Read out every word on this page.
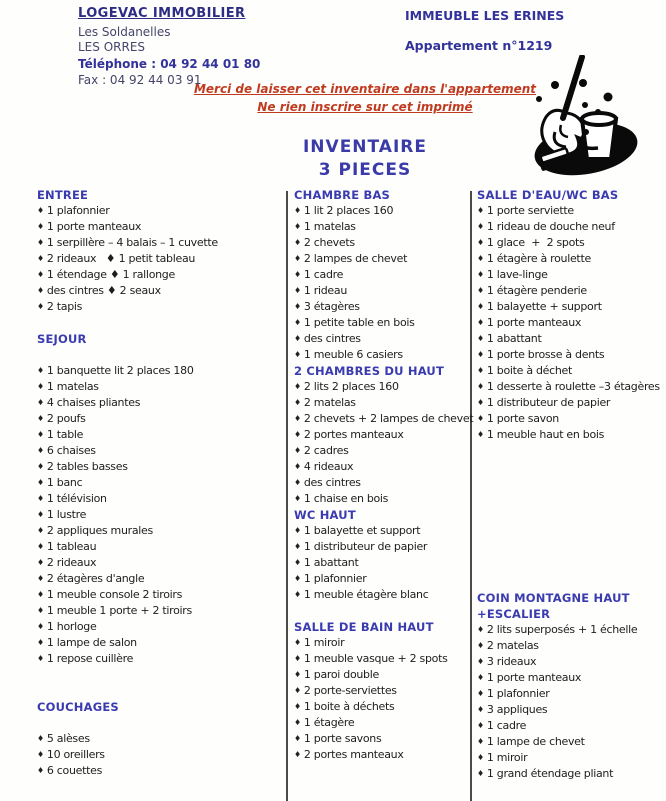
LOGEVAC IMMOBILIER
Les Soldanelles
LES ORRES
Téléphone : 04 92 44 01 80
Fax : 04 92 44 03 91
IMMEUBLE LES ERINES
Appartement n°1219
Merci de laisser cet inventaire dans l'appartement
Ne rien inscrire sur cet imprimé
INVENTAIRE
3 PIECES
ENTREE
♦ 1 plafonnier
♦ 1 porte manteaux
♦ 1 serpillère – 4 balais – 1 cuvette
♦ 2 rideaux   ♦ 1 petit tableau
♦ 1 étendage ♦ 1 rallonge
♦ des cintres ♦ 2 seaux
♦ 2 tapis
SEJOUR
♦ 1 banquette lit 2 places 180
♦ 1 matelas
♦ 4 chaises pliantes
♦ 2 poufs
♦ 1 table
♦ 6 chaises
♦ 2 tables basses
♦ 1 banc
♦ 1 télévision
♦ 1 lustre
♦ 2 appliques murales
♦ 1 tableau
♦ 2 rideaux
♦ 2 étagères d'angle
♦ 1 meuble console 2 tiroirs
♦ 1 meuble 1 porte + 2 tiroirs
♦ 1 horloge
♦ 1 lampe de salon
♦ 1 repose cuillère
COUCHAGES
♦ 5 alèses
♦ 10 oreillers
♦ 6 couettes
CHAMBRE BAS
♦ 1 lit 2 places 160
♦ 1 matelas
♦ 2 chevets
♦ 2 lampes de chevet
♦ 1 cadre
♦ 1 rideau
♦ 3 étagères
♦ 1 petite table en bois
♦ des cintres
♦ 1 meuble 6 casiers
2 CHAMBRES DU HAUT
♦ 2 lits 2 places 160
♦ 2 matelas
♦ 2 chevets + 2 lampes de chevet
♦ 2 portes manteaux
♦ 2 cadres
♦ 4 rideaux
♦ des cintres
♦ 1 chaise en bois
WC HAUT
♦ 1 balayette et support
♦ 1 distributeur de papier
♦ 1 abattant
♦ 1 plafonnier
♦ 1 meuble étagère blanc
SALLE DE BAIN HAUT
♦ 1 miroir
♦ 1 meuble vasque + 2 spots
♦ 1 paroi double
♦ 2 porte-serviettes
♦ 1 boite à déchets
♦ 1 étagère
♦ 1 porte savons
♦ 2 portes manteaux
SALLE D'EAU/WC BAS
♦ 1 porte serviette
♦ 1 rideau de douche neuf
♦ 1 glace  +  2 spots
♦ 1 étagère à roulette
♦ 1 lave-linge
♦ 1 étagère penderie
♦ 1 balayette + support
♦ 1 porte manteaux
♦ 1 abattant
♦ 1 porte brosse à dents
♦ 1 boite à déchet
♦ 1 desserte à roulette –3 étagères
♦ 1 distributeur de papier
♦ 1 porte savon
♦ 1 meuble haut en bois
COIN MONTAGNE HAUT
+ESCALIER
♦ 2 lits superposés + 1 échelle
♦ 2 matelas
♦ 3 rideaux
♦ 1 porte manteaux
♦ 1 plafonnier
♦ 3 appliques
♦ 1 cadre
♦ 1 lampe de chevet
♦ 1 miroir
♦ 1 grand étendage pliant
